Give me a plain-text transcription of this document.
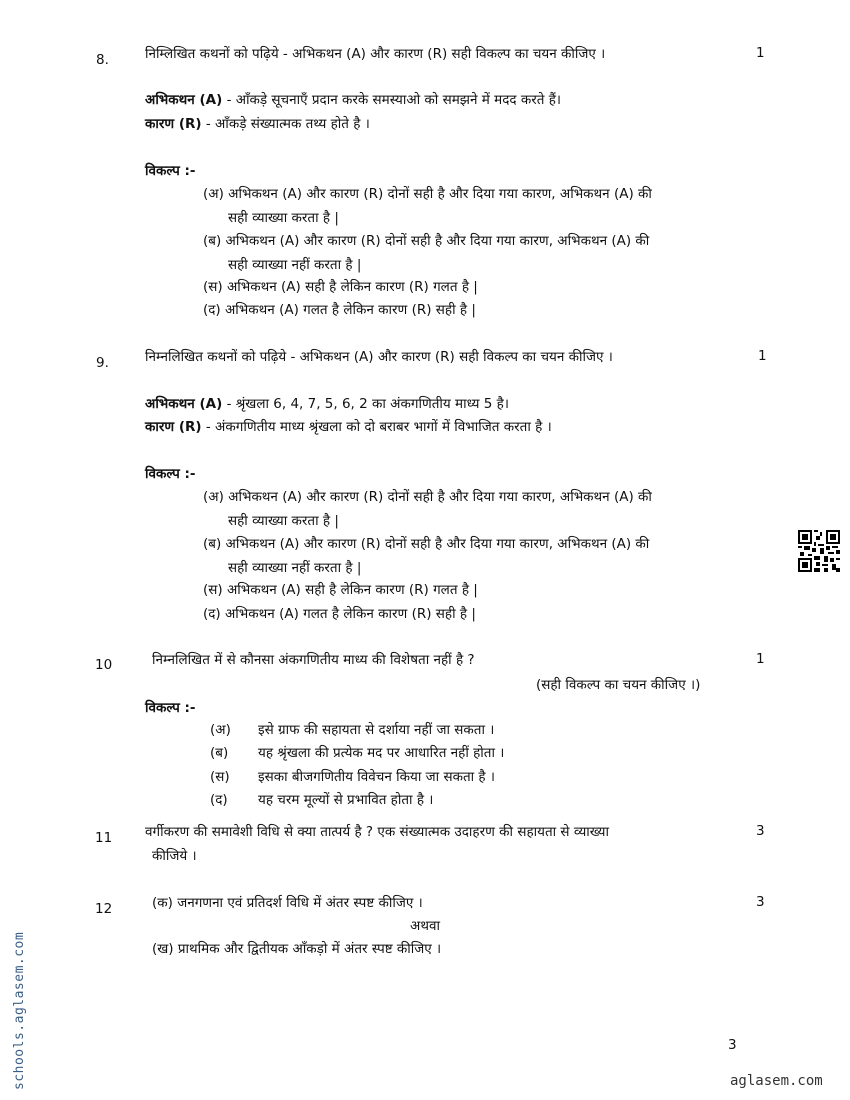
8.	निम्लिखित कथनों को पढ़िये - अभिकथन (A) और कारण (R) सही विकल्प का चयन कीजिए ।	1
अभिकथन (A) - आँकड़े सूचनाएँ प्रदान करके समस्याओ को समझने में मदद करते हैं।
कारण (R) - आँकड़े संख्यात्मक तथ्य होते है ।
विकल्प :-
(अ) अभिकथन (A) और कारण (R) दोनों सही है और दिया गया कारण, अभिकथन (A) की
सही व्याख्या करता है |
(ब) अभिकथन (A) और कारण (R) दोनों सही है और दिया गया कारण, अभिकथन (A) की
सही व्याख्या नहीं करता है |
(स) अभिकथन (A) सही है लेकिन कारण (R) गलत है |
(द) अभिकथन (A) गलत है लेकिन कारण (R) सही है |
9.	निम्नलिखित कथनों को पढ़िये - अभिकथन (A) और कारण (R) सही विकल्प का चयन कीजिए ।	1
अभिकथन (A) - श्रृंखला 6, 4, 7, 5, 6, 2 का अंकगणितीय माध्य 5 है।
कारण (R) - अंकगणितीय माध्य श्रृंखला को दो बराबर भागों में विभाजित करता है ।
विकल्प :-
(अ) अभिकथन (A) और कारण (R) दोनों सही है और दिया गया कारण, अभिकथन (A) की
सही व्याख्या करता है |
(ब) अभिकथन (A) और कारण (R) दोनों सही है और दिया गया कारण, अभिकथन (A) की
सही व्याख्या नहीं करता है |
(स) अभिकथन (A) सही है लेकिन कारण (R) गलत है |
(द) अभिकथन (A) गलत है लेकिन कारण (R) सही है |
10	निम्नलिखित में से कौनसा अंकगणितीय माध्य की विशेषता नहीं है ?	1
(सही विकल्प का चयन कीजिए ।)
विकल्प :-
(अ) इसे ग्राफ की सहायता से दर्शाया नहीं जा सकता ।
(ब) यह श्रृंखला की प्रत्येक मद पर आधारित नहीं होता ।
(स) इसका बीजगणितीय विवेचन किया जा सकता है ।
(द) यह चरम मूल्यों से प्रभावित होता है ।
11 वर्गीकरण की समावेशी विधि से क्या तात्पर्य है ? एक संख्यात्मक उदाहरण की सहायता से व्याख्या
कीजिये ।
3
12	(क) जनगणना एवं प्रतिदर्श विधि में अंतर स्पष्ट कीजिए ।	3
अथवा
(ख) प्राथमिक और द्वितीयक आँकड़ो में अंतर स्पष्ट कीजिए ।
3
aglasem.com
schools.aglasem.com
